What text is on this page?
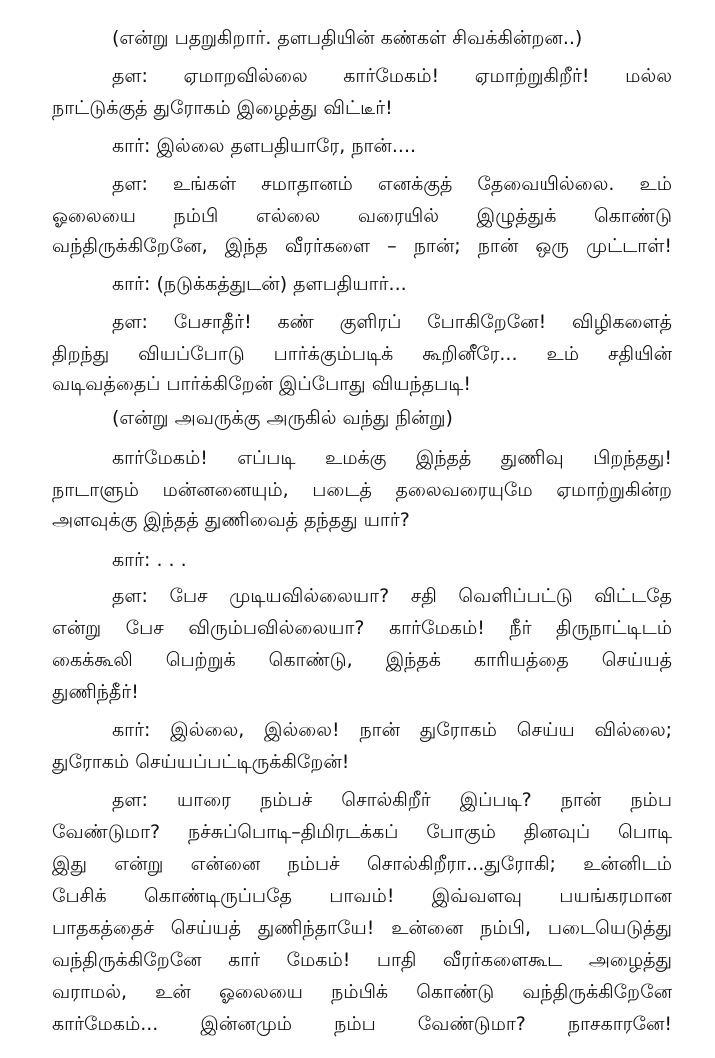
(என்று பதறுகிறார். தளபதியின் கண்கள் சிவக்கின்றன..)

தள: ஏமாறவில்லை கார்மேகம்! ஏமாற்றுகிறீர்! மல்ல

நாட்டுக்குத் துரோகம் இழைத்து விட்டீர்!

கார்: இல்லை தளபதியாரே, நான்....

தள: உங்கள் சமாதானம் எனக்குத் தேவையில்லை. உம்

ஓலையை நம்பி எல்லை வரையில் இழுத்துக் கொண்டு

வந்திருக்கிறேனே, இந்த வீரர்களை – நான்; நான் ஒரு முட்டாள்!

கார்: (நடுக்கத்துடன்) தளபதியார்...

தள: பேசாதீர்! கண் குளிரப் போகிறேனே! விழிகளைத்

திறந்து வியப்போடு பார்க்கும்படிக் கூறினீரே... உம் சதியின்

வடிவத்தைப் பார்க்கிறேன் இப்போது வியந்தபடி!

(என்று அவருக்கு அருகில் வந்து நின்று)

கார்மேகம்! எப்படி உமக்கு இந்தத் துணிவு பிறந்தது!

நாடாளும் மன்னனையும், படைத் தலைவரையுமே ஏமாற்றுகின்ற

அளவுக்கு இந்தத் துணிவைத் தந்தது யார்?

கார்: . . .

தள: பேச முடியவில்லையா? சதி வெளிப்பட்டு விட்டதே

என்று பேச விரும்பவில்லையா? கார்மேகம்! நீர் திருநாட்டிடம்

கைக்கூலி பெற்றுக் கொண்டு, இந்தக் காரியத்தை செய்யத்

துணிந்தீர்!

கார்: இல்லை, இல்லை! நான் துரோகம் செய்ய வில்லை;

துரோகம் செய்யப்பட்டிருக்கிறேன்!

தள: யாரை நம்பச் சொல்கிறீர் இப்படி? நான் நம்ப

வேண்டுமா? நச்சுப்பொடி–திமிரடக்கப் போகும் தினவுப் பொடி

இது என்று என்னை நம்பச் சொல்கிறீரா...துரோகி; உன்னிடம்

பேசிக் கொண்டிருப்பதே பாவம்! இவ்வளவு பயங்கரமான

பாதகத்தைச் செய்யத் துணிந்தாயே! உன்னை நம்பி, படையெடுத்து

வந்திருக்கிறேனே கார் மேகம்! பாதி வீரர்களைகூட அழைத்து

வராமல், உன் ஓலையை நம்பிக் கொண்டு வந்திருக்கிறேனே

கார்மேகம்... இன்னமும் நம்ப வேண்டுமா? நாசகாரனே!
